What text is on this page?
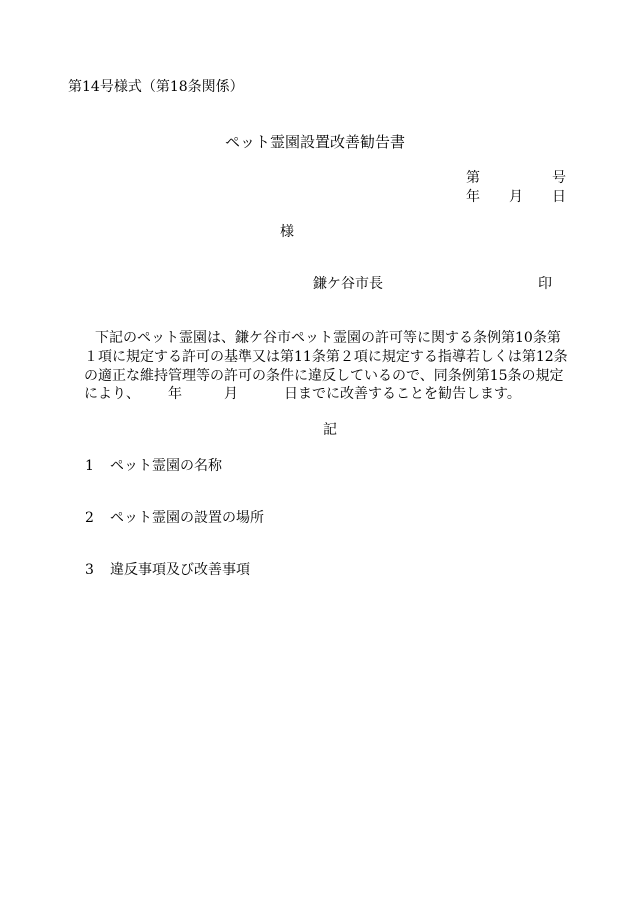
第14号様式（第18条関係）
ペット霊園設置改善勧告書
第	号
年 月 日
様
鎌ケ谷市長	印
下記のペット霊園は、鎌ケ谷市ペット霊園の許可等に関する条例第10条第
１項に規定する許可の基準又は第11条第２項に規定する指導若しくは第12条
の適正な維持管理等の許可の条件に違反しているので、同条例第15条の規定
により、 年	月	日までに改善することを勧告します。
記
1 ペット霊園の名称
2 ペット霊園の設置の場所
3 違反事項及び改善事項
